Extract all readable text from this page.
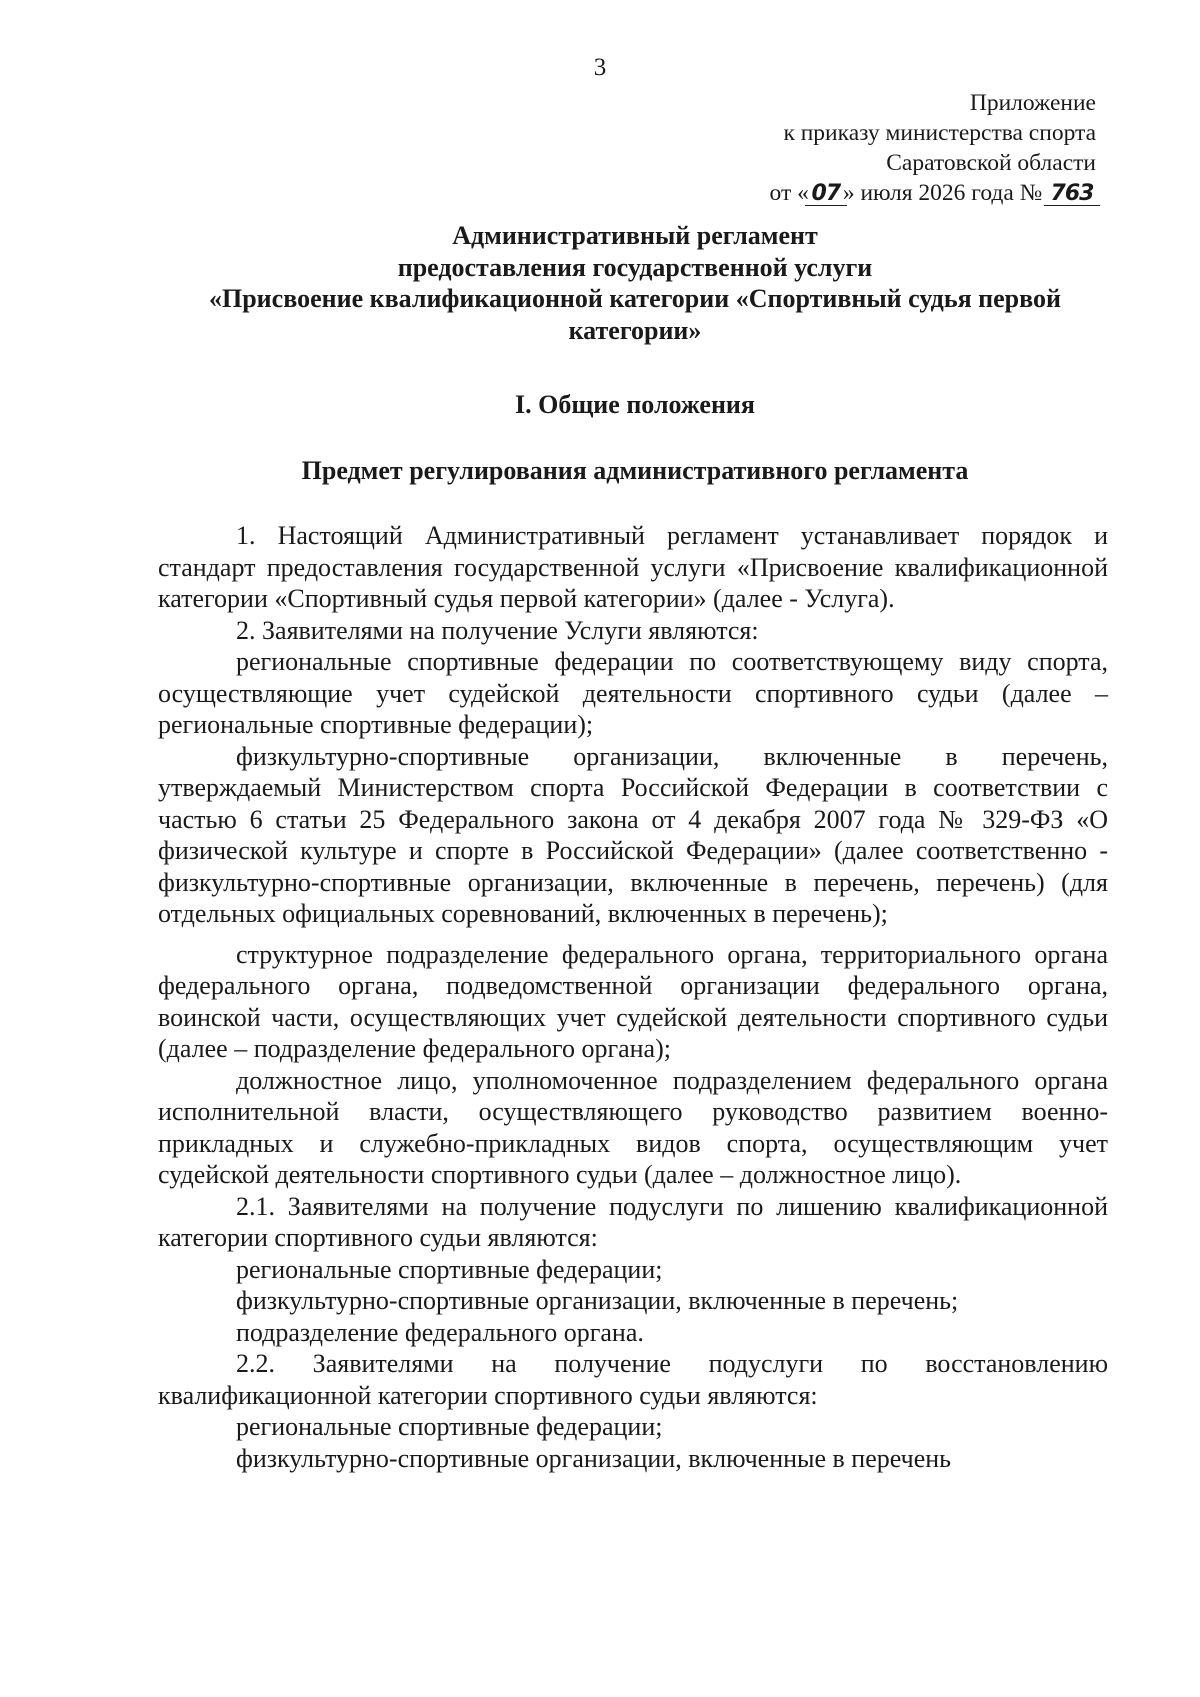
3
Приложение
к приказу министерства спорта
Саратовской области
от « 07 » июля 2026 года № 763
Административный регламент
предоставления государственной услуги
«Присвоение квалификационной категории «Спортивный судья первой
категории»
I. Общие положения
Предмет регулирования административного регламента

1. Настоящий Административный регламент устанавливает порядок и стандарт предоставления государственной услуги «Присвоение квалификационной категории «Спортивный судья первой категории» (далее - Услуга).

2. Заявителями на получение Услуги являются:

региональные спортивные федерации по соответствующему виду спорта, осуществляющие учет судейской деятельности спортивного судьи (далее – региональные спортивные федерации);

физкультурно-спортивные организации, включенные в перечень, утверждаемый Министерством спорта Российской Федерации в соответствии с частью 6 статьи 25 Федерального закона от 4 декабря 2007 года № 329-ФЗ «О физической культуре и спорте в Российской Федерации» (далее соответственно - физкультурно-спортивные организации, включенные в перечень, перечень) (для отдельных официальных соревнований, включенных в перечень);

структурное подразделение федерального органа, территориального органа федерального органа, подведомственной организации федерального органа, воинской части, осуществляющих учет судейской деятельности спортивного судьи (далее – подразделение федерального органа);

должностное лицо, уполномоченное подразделением федерального органа исполнительной власти, осуществляющего руководство развитием военно-прикладных и служебно-прикладных видов спорта, осуществляющим учет судейской деятельности спортивного судьи (далее – должностное лицо).

2.1. Заявителями на получение подуслуги по лишению квалификационной категории спортивного судьи являются:

региональные спортивные федерации;

физкультурно-спортивные организации, включенные в перечень;

подразделение федерального органа.

2.2. Заявителями на получение подуслуги по восстановлению квалификационной категории спортивного судьи являются:

региональные спортивные федерации;

физкультурно-спортивные организации, включенные в перечень
